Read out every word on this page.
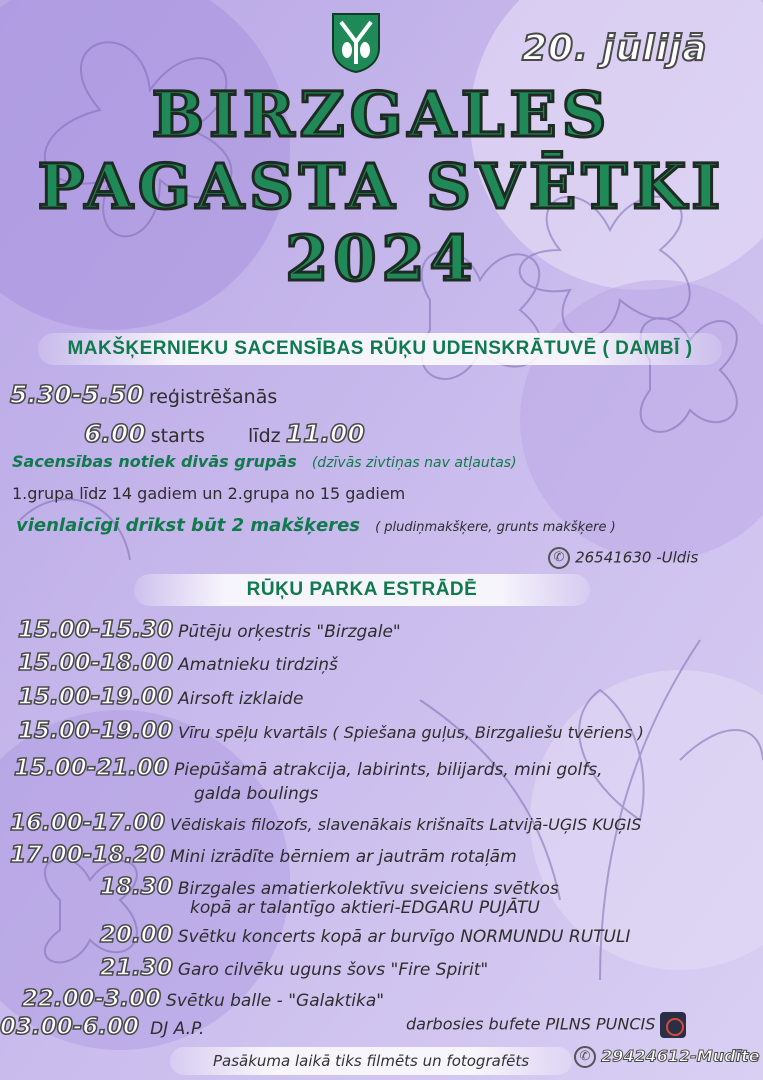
20. jūlijā
BIRZGALES
PAGASTA SVĒTKI
2024
MAKŠĶERNIEKU SACENSĪBAS RŪĶU UDENSKRĀTUVĒ ( DAMBĪ )
5.30-5.50 reģistrēšanās
6.00 starts līdz 11.00
Sacensības notiek divās grupās (dzīvās zivtiņas nav atļautas)
1.grupa līdz 14 gadiem un 2.grupa no 15 gadiem
vienlaicīgi drīkst būt 2 makšķeres ( pludiņmakšķere, grunts makšķere )
✆ 26541630 -Uldis
RŪĶU PARKA ESTRĀDĒ
15.00-15.30 Pūtēju orķestris "Birzgale"
15.00-18.00 Amatnieku tirdziņš
15.00-19.00 Airsoft izklaide
15.00-19.00 Vīru spēļu kvartāls ( Spiešana guļus, Birzgaliešu tvēriens )
15.00-21.00 Piepūšamā atrakcija, labirints, bilijards, mini golfs,
galda boulings
16.00-17.00 Vēdiskais filozofs, slavenākais krišnaīts Latvijā-UĢIS KUĢIS
17.00-18.20 Mini izrādīte bērniem ar jautrām rotaļām
18.30 Birzgales amatierkolektīvu sveiciens svētkos
kopā ar talantīgo aktieri-EDGARU PUJĀTU
20.00 Svētku koncerts kopā ar burvīgo NORMUNDU RUTULI
21.30 Garo cilvēku uguns šovs "Fire Spirit"
22.00-3.00 Svētku balle - "Galaktika"
03.00-6.00 DJ A.P.	darbosies bufete PILNS PUNCIS
Pasākuma laikā tiks filmēts un fotografēts	✆ 29424612-Mudīte
